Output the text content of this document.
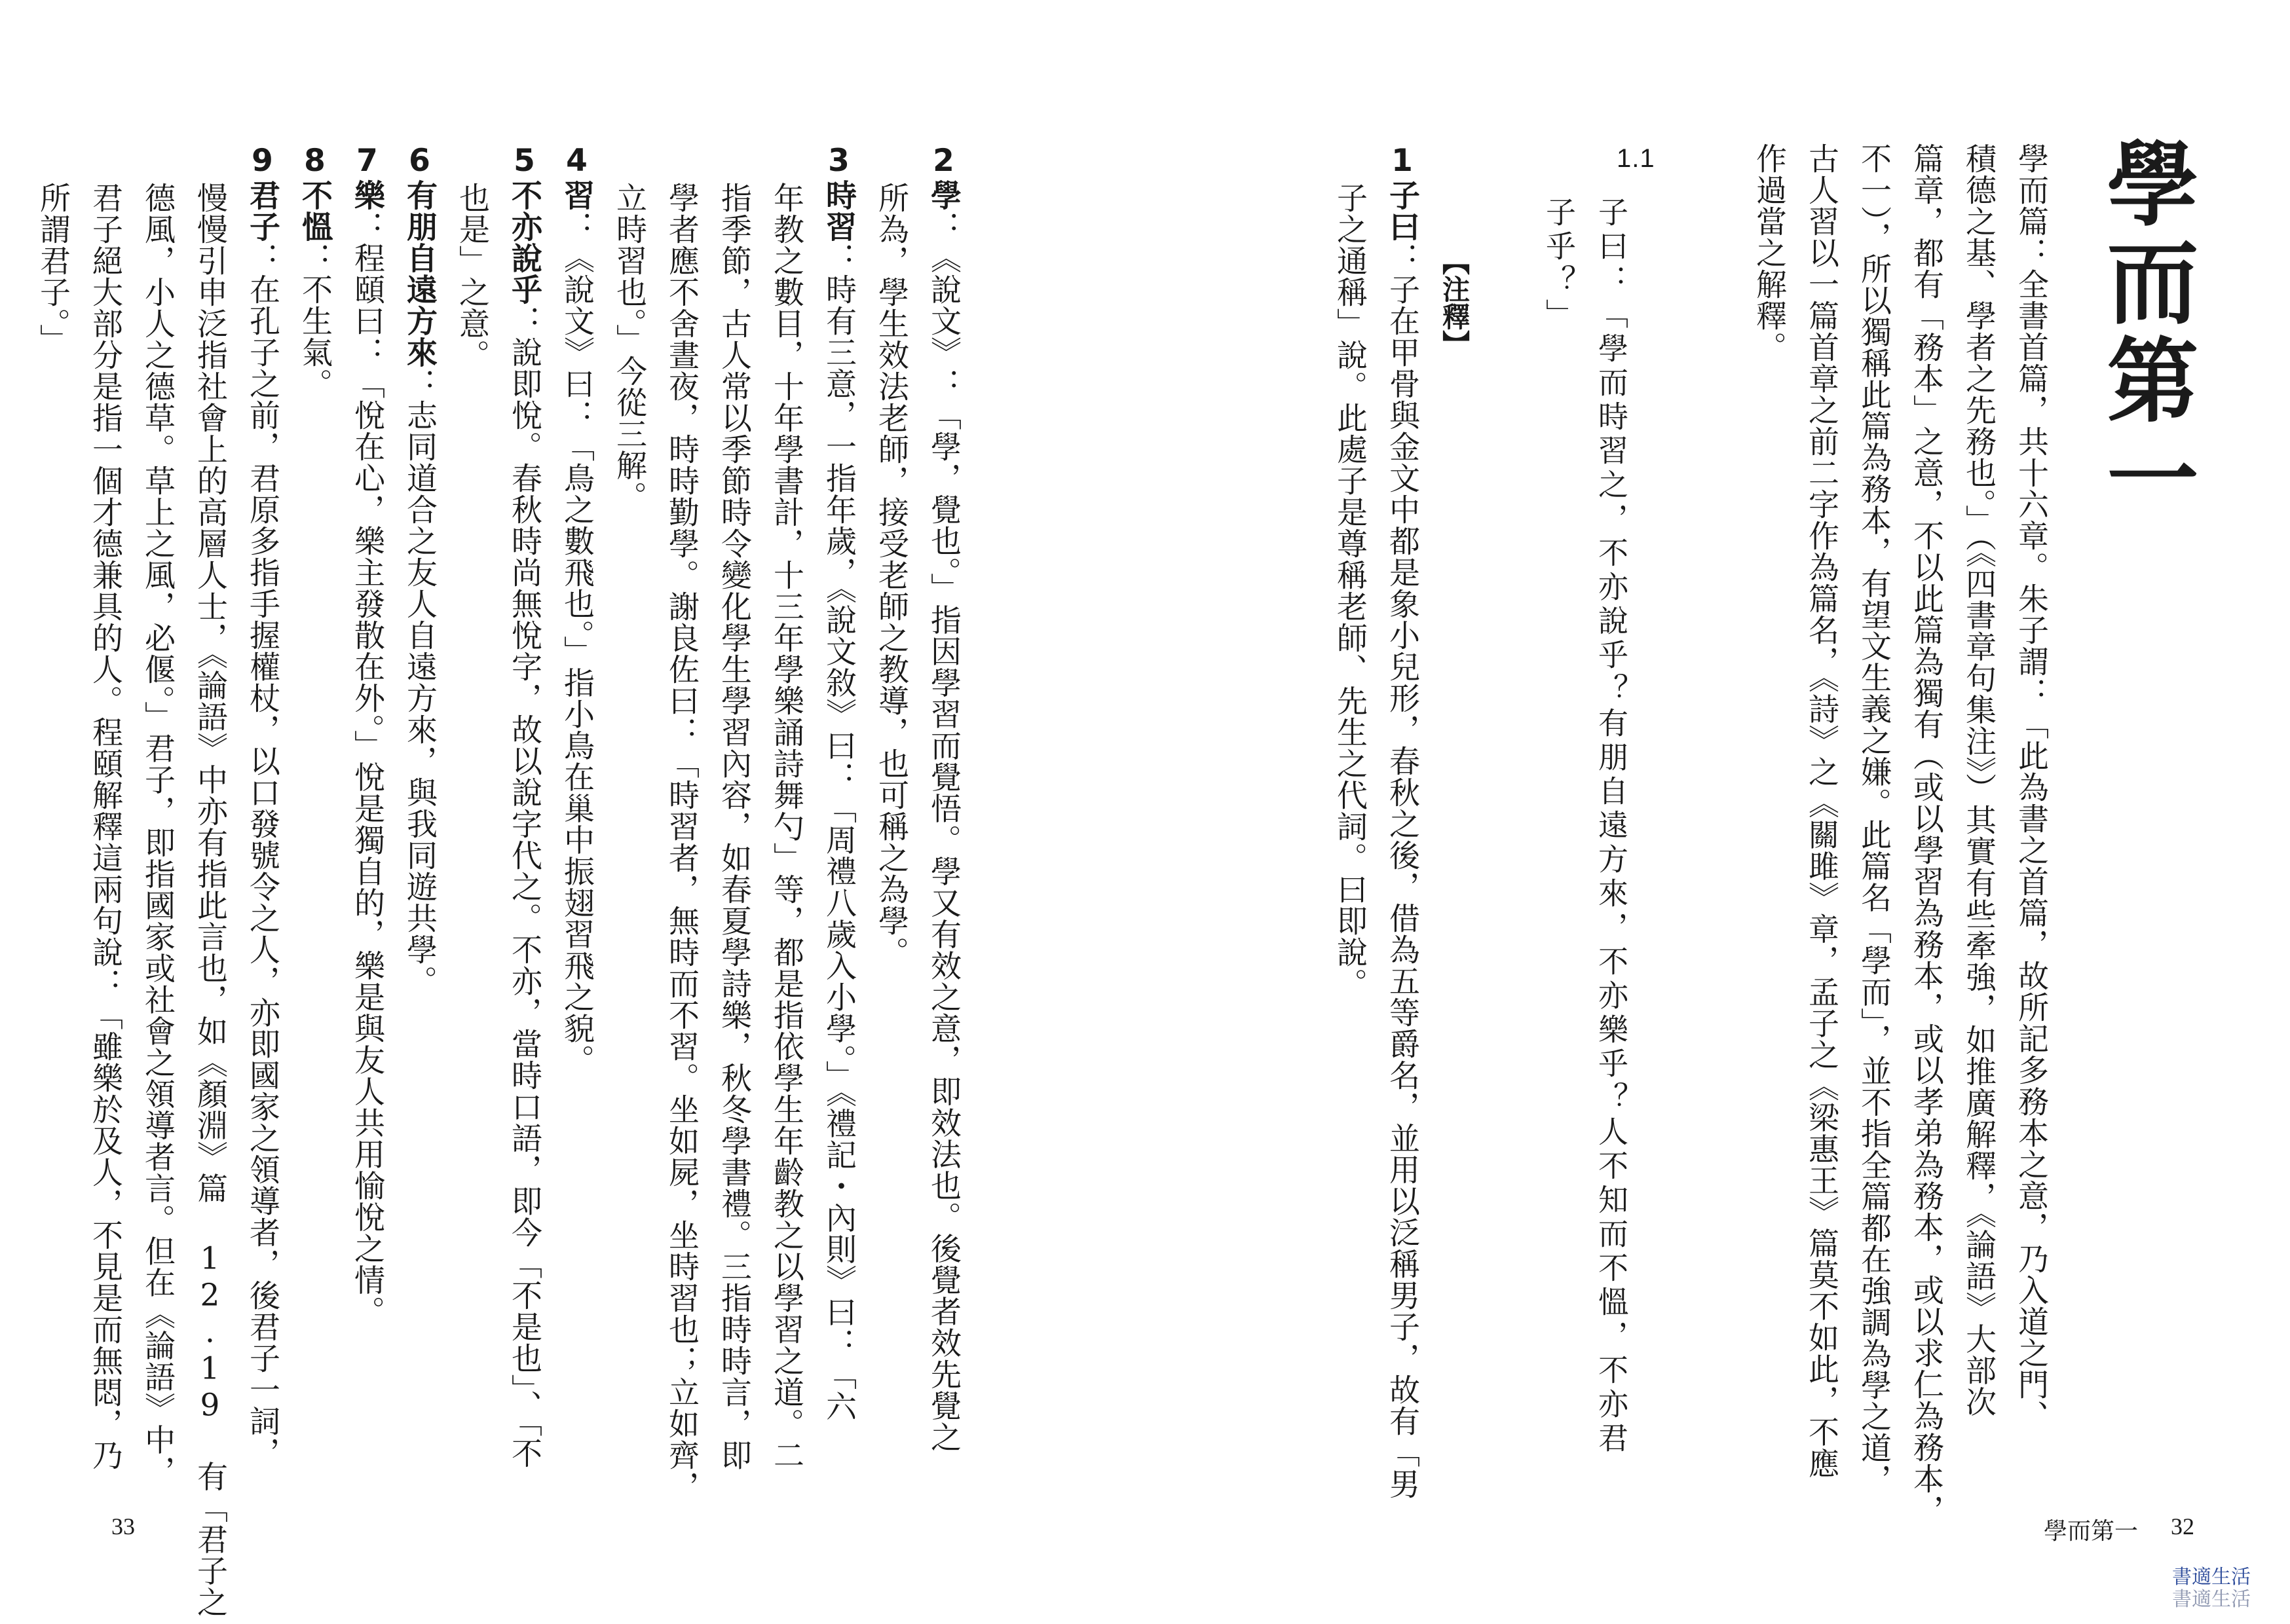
2學：《說文》：「學，覺也。」指因學習而覺悟。學又有效之意，即效法也。後覺者效先覺之
所為，學生效法老師，接受老師之教導，也可稱之為學。
3時習：時有三意，一指年歲，《說文敘》曰：「周禮八歲入小學。」《禮記・內則》曰：「六
年教之數目，十年學書計，十三年學樂誦詩舞勺」等，都是指依學生年齡教之以學習之道。二
指季節，古人常以季節時令變化學生學習內容，如春夏學詩樂，秋冬學書禮。三指時時言，即
學者應不舍晝夜，時時勤學。謝良佐曰：「時習者，無時而不習。坐如屍，坐時習也；立如齊，
立時習也。」今從三解。
4習：《說文》曰：「鳥之數飛也。」指小鳥在巢中振翅習飛之貌。
5不亦說乎：說即悅。春秋時尚無悅字，故以說字代之。不亦，當時口語，即今「不是也」、「不
也是」之意。
6有朋自遠方來：志同道合之友人自遠方來，與我同遊共學。
7樂：程頤曰：「悅在心，樂主發散在外。」悅是獨自的，樂是與友人共用愉悅之情。
8不慍：不生氣。
9君子：在孔子之前，君原多指手握權杖，以口發號令之人，亦即國家之領導者，後君子一詞，
慢慢引申泛指社會上的高層人士，《論語》中亦有指此言也，如《顏淵》篇 12.19 有「君子之
德風，小人之德草。草上之風，必偃。」君子，即指國家或社會之領導者言。但在《論語》中，
君子絕大部分是指一個才德兼具的人。程頤解釋這兩句說：「雖樂於及人，不見是而無悶，乃
所謂君子。」
33
學而第一
學而篇：全書首篇，共十六章。朱子謂：「此為書之首篇，故所記多務本之意，乃入道之門、
積德之基、學者之先務也。」（《四書章句集注》）其實有些牽強，如推廣解釋，《論語》大部次
篇章，都有「務本」之意，不以此篇為獨有（或以學習為務本，或以孝弟為務本，或以求仁為務本，
不一），所以獨稱此篇為務本，有望文生義之嫌。此篇名「學而」，並不指全篇都在強調為學之道，
古人習以一篇首章之前二字作為篇名，《詩》之《關雎》章，孟子之《梁惠王》篇莫不如此，不應
作過當之解釋。
1.1
子曰：「學而時習之，不亦說乎？有朋自遠方來，不亦樂乎？人不知而不慍，不亦君
子乎？」
【注釋】
1子曰：子在甲骨與金文中都是象小兒形，春秋之後，借為五等爵名，並用以泛稱男子，故有「男
子之通稱」說。此處子是尊稱老師、先生之代詞。曰即說。
學而第一 32
書適生活
書適生活
